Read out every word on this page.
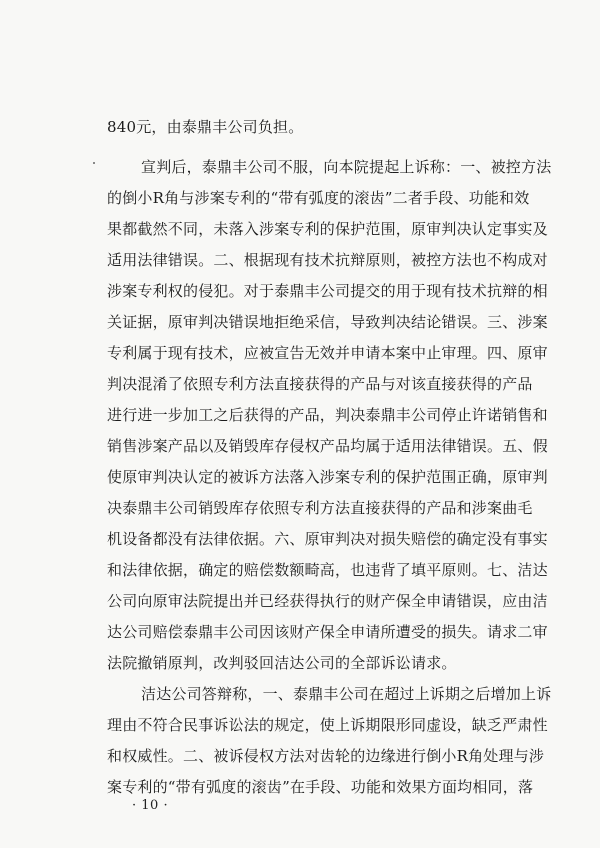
840元，由泰鼎丰公司负担。
宣判后，泰鼎丰公司不服，向本院提起上诉称：一、被控方法
的倒小R角与涉案专利的“带有弧度的滚齿”二者手段、功能和效
果都截然不同，未落入涉案专利的保护范围，原审判决认定事实及
适用法律错误。二、根据现有技术抗辩原则，被控方法也不构成对
涉案专利权的侵犯。对于泰鼎丰公司提交的用于现有技术抗辩的相
关证据，原审判决错误地拒绝采信，导致判决结论错误。三、涉案
专利属于现有技术，应被宣告无效并申请本案中止审理。四、原审
判决混淆了依照专利方法直接获得的产品与对该直接获得的产品
进行进一步加工之后获得的产品，判决泰鼎丰公司停止许诺销售和
销售涉案产品以及销毁库存侵权产品均属于适用法律错误。五、假
使原审判决认定的被诉方法落入涉案专利的保护范围正确，原审判
决泰鼎丰公司销毁库存依照专利方法直接获得的产品和涉案曲毛
机设备都没有法律依据。六、原审判决对损失赔偿的确定没有事实
和法律依据，确定的赔偿数额畸高，也违背了填平原则。七、洁达
公司向原审法院提出并已经获得执行的财产保全申请错误，应由洁
达公司赔偿泰鼎丰公司因该财产保全申请所遭受的损失。请求二审
法院撤销原判，改判驳回洁达公司的全部诉讼请求。
洁达公司答辩称，一、泰鼎丰公司在超过上诉期之后增加上诉
理由不符合民事诉讼法的规定，使上诉期限形同虚设，缺乏严肃性
和权威性。二、被诉侵权方法对齿轮的边缘进行倒小R角处理与涉
案专利的“带有弧度的滚齿”在手段、功能和效果方面均相同，落
· 10 ·
